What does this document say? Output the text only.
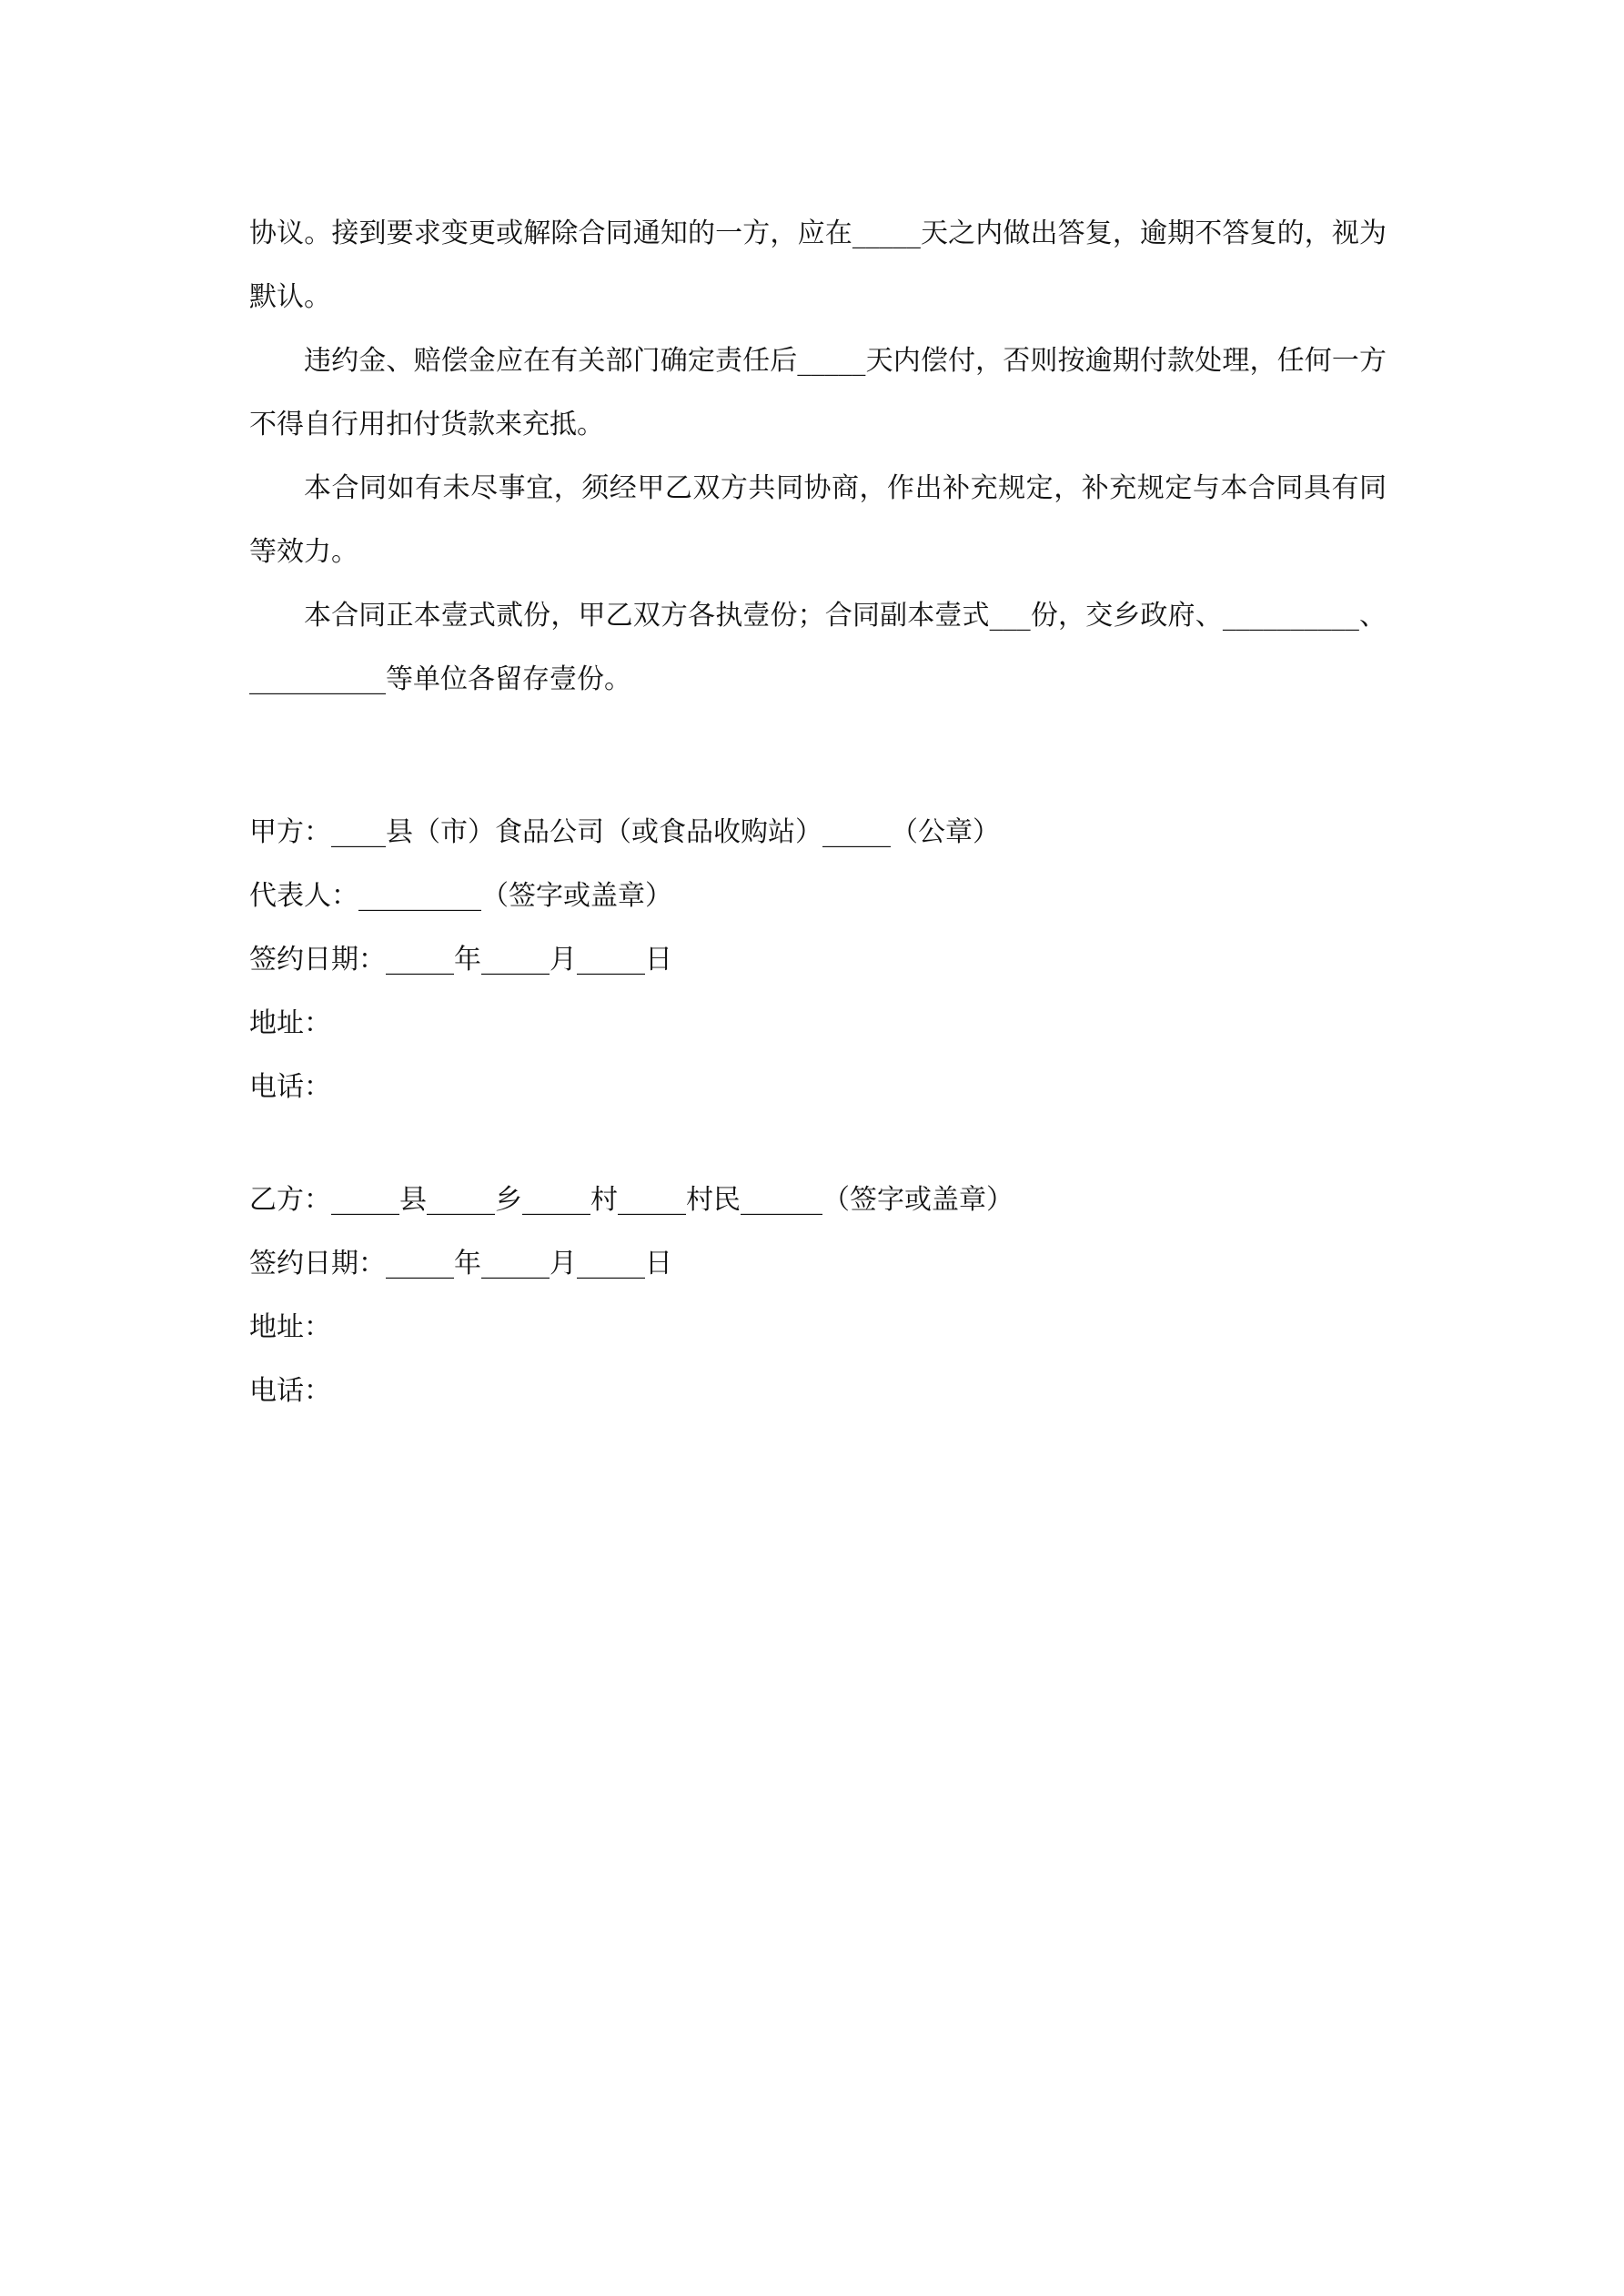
协议。接到要求变更或解除合同通知的一方，应在_____天之内做出答复，逾期不答复的，视为默认。

违约金、赔偿金应在有关部门确定责任后_____天内偿付，否则按逾期付款处理，任何一方不得自行用扣付货款来充抵。

本合同如有未尽事宜，须经甲乙双方共同协商，作出补充规定，补充规定与本合同具有同等效力。

本合同正本壹式贰份，甲乙双方各执壹份；合同副本壹式___份，交乡政府、__________、__________等单位各留存壹份。

甲方：____县（市）食品公司（或食品收购站）_____（公章）

代表人：_________（签字或盖章）

签约日期：_____年_____月_____日

地址：

电话：

乙方：_____县_____乡_____村_____村民______（签字或盖章）

签约日期：_____年_____月_____日

地址：

电话：
